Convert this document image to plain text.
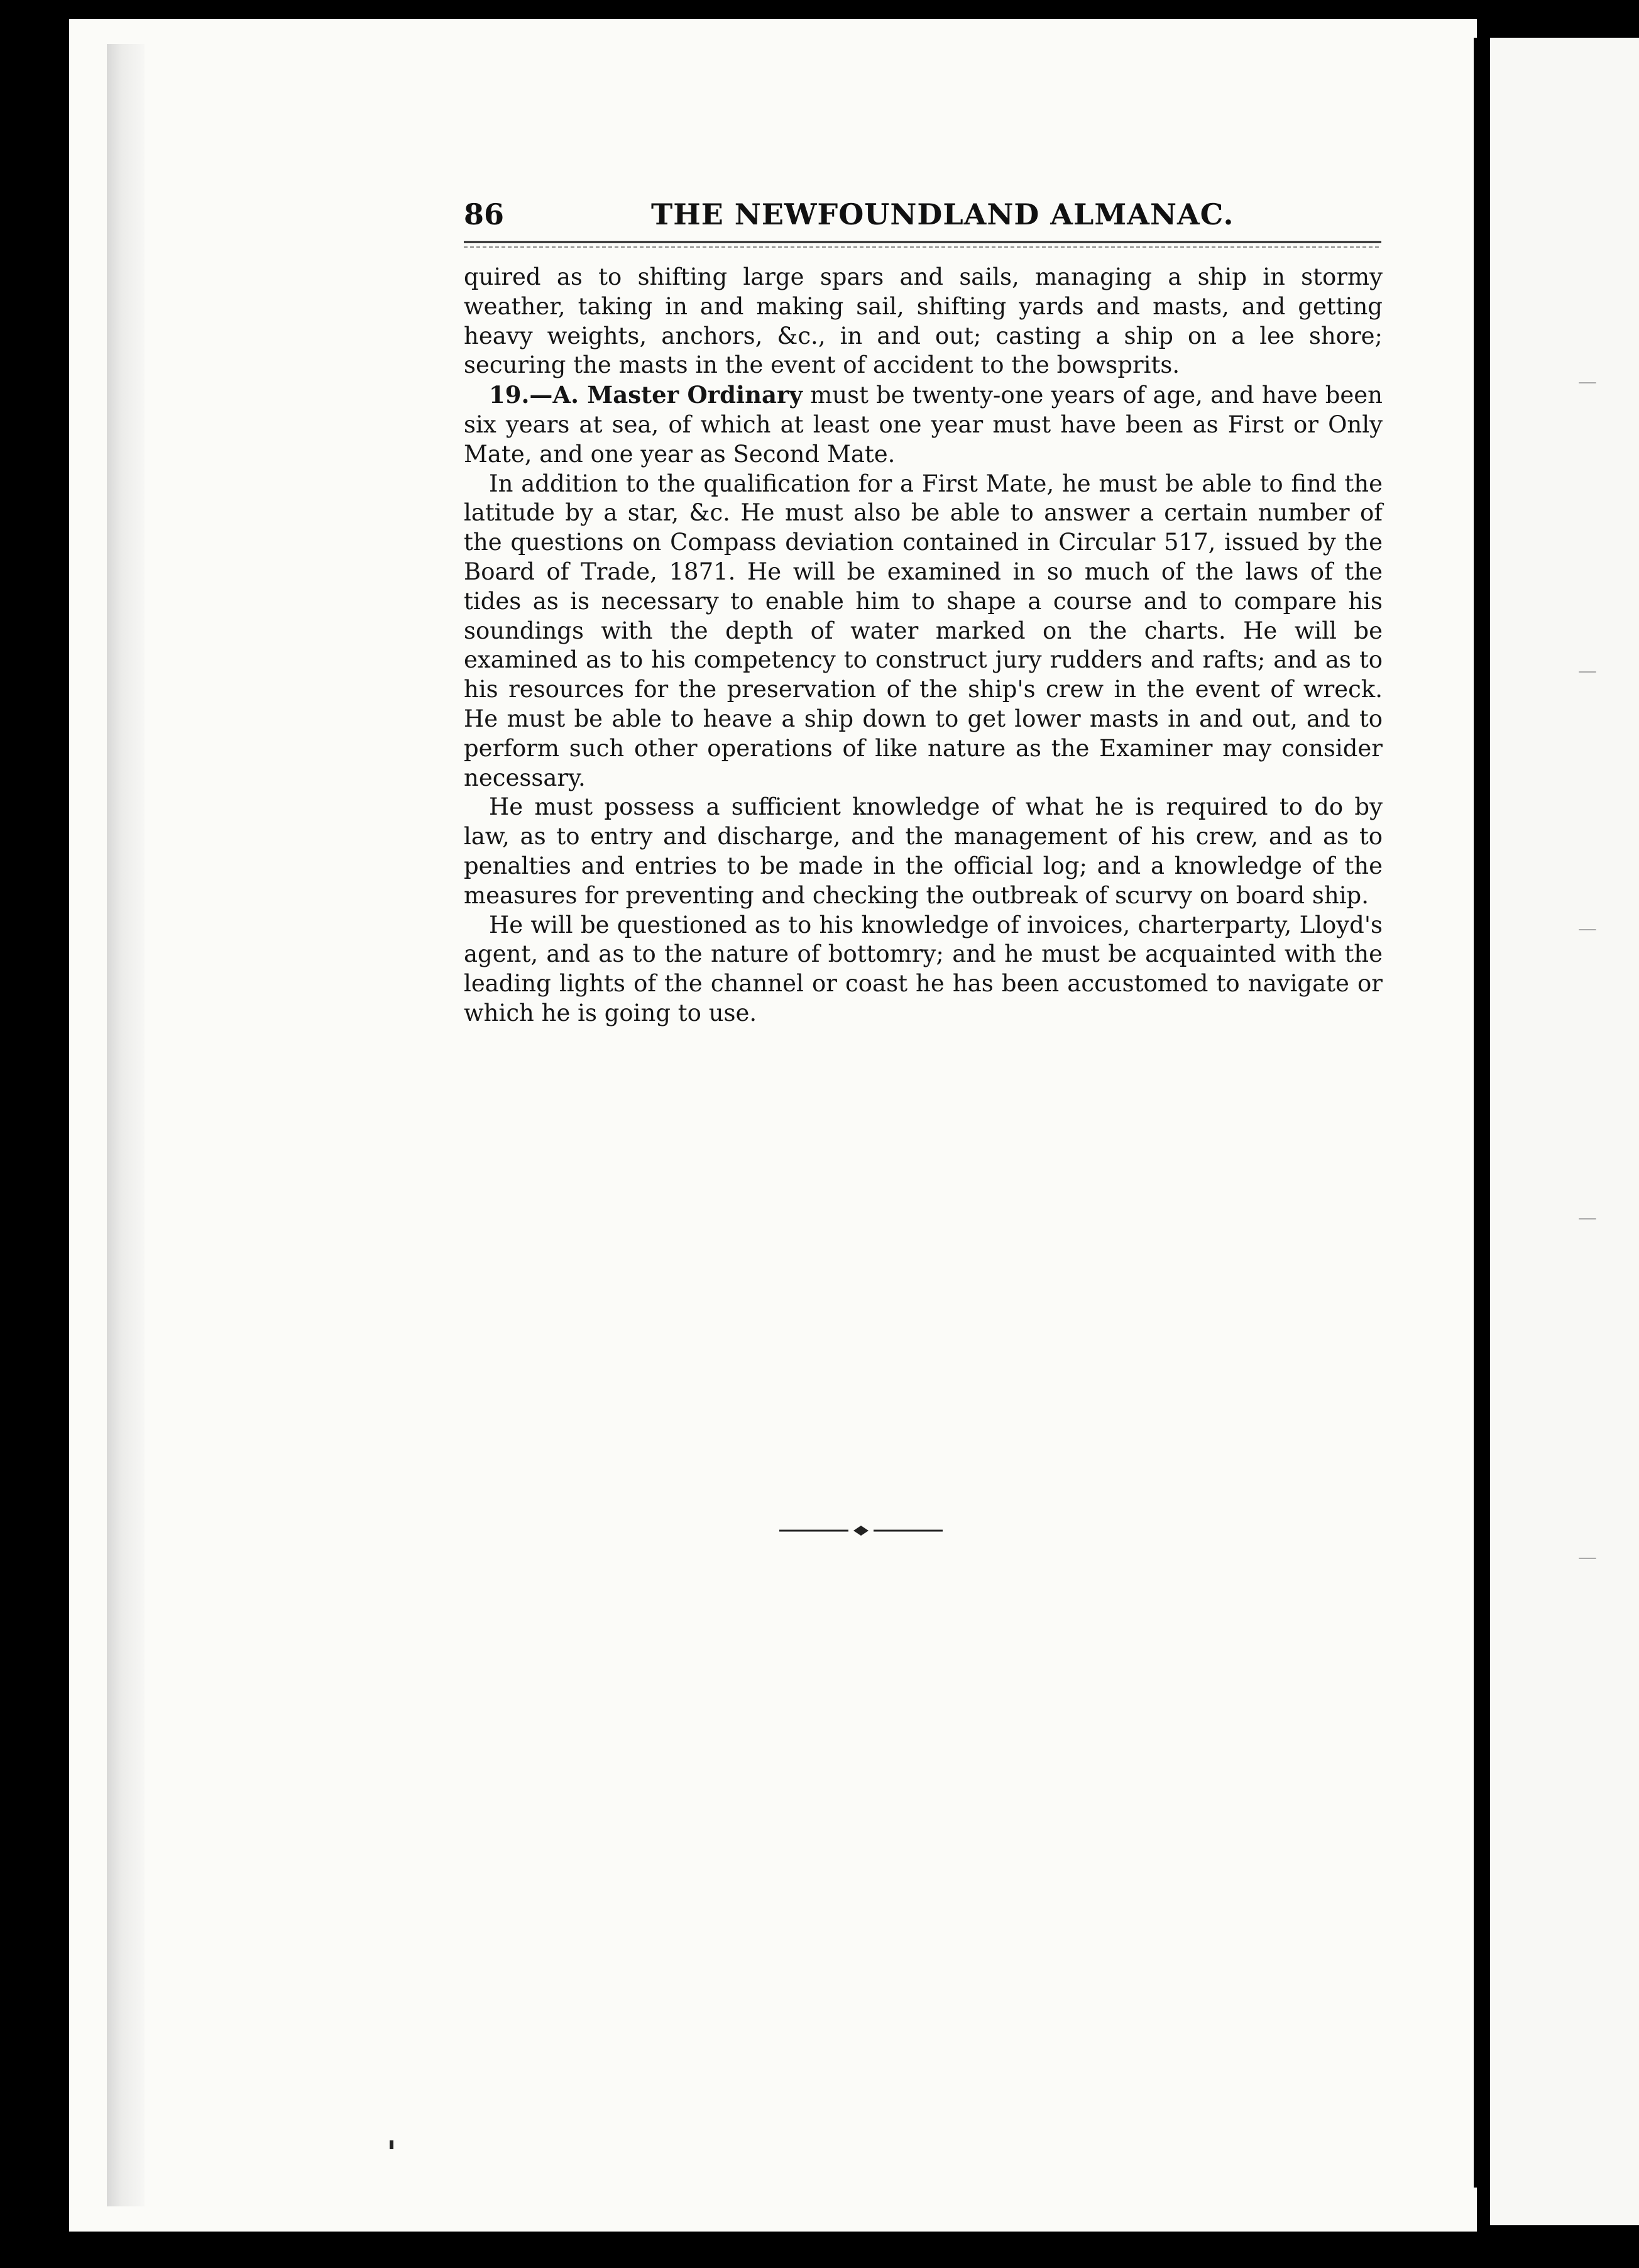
—
—
—
—
—
86	THE NEWFOUNDLAND ALMANAC.

quired as to shifting large spars and sails, managing a ship in stormy weather, taking in and making sail, shifting yards and masts, and getting heavy weights, anchors, &c., in and out; casting a ship on a lee shore; securing the masts in the event of accident to the bowsprits.

19.—A. Master Ordinary must be twenty-one years of age, and have been six years at sea, of which at least one year must have been as First or Only Mate, and one year as Second Mate.

In addition to the qualification for a First Mate, he must be able to find the latitude by a star, &c. He must also be able to answer a certain number of the questions on Compass deviation contained in Circular 517, issued by the Board of Trade, 1871. He will be examined in so much of the laws of the tides as is necessary to enable him to shape a course and to compare his soundings with the depth of water marked on the charts. He will be examined as to his competency to construct jury rudders and rafts; and as to his resources for the preservation of the ship's crew in the event of wreck. He must be able to heave a ship down to get lower masts in and out, and to perform such other operations of like nature as the Examiner may consider necessary.

He must possess a sufficient knowledge of what he is required to do by law, as to entry and discharge, and the management of his crew, and as to penalties and entries to be made in the official log; and a knowledge of the measures for preventing and checking the outbreak of scurvy on board ship.

He will be questioned as to his knowledge of invoices, charterparty, Lloyd's agent, and as to the nature of bottomry; and he must be acquainted with the leading lights of the channel or coast he has been accustomed to navigate or which he is going to use.
